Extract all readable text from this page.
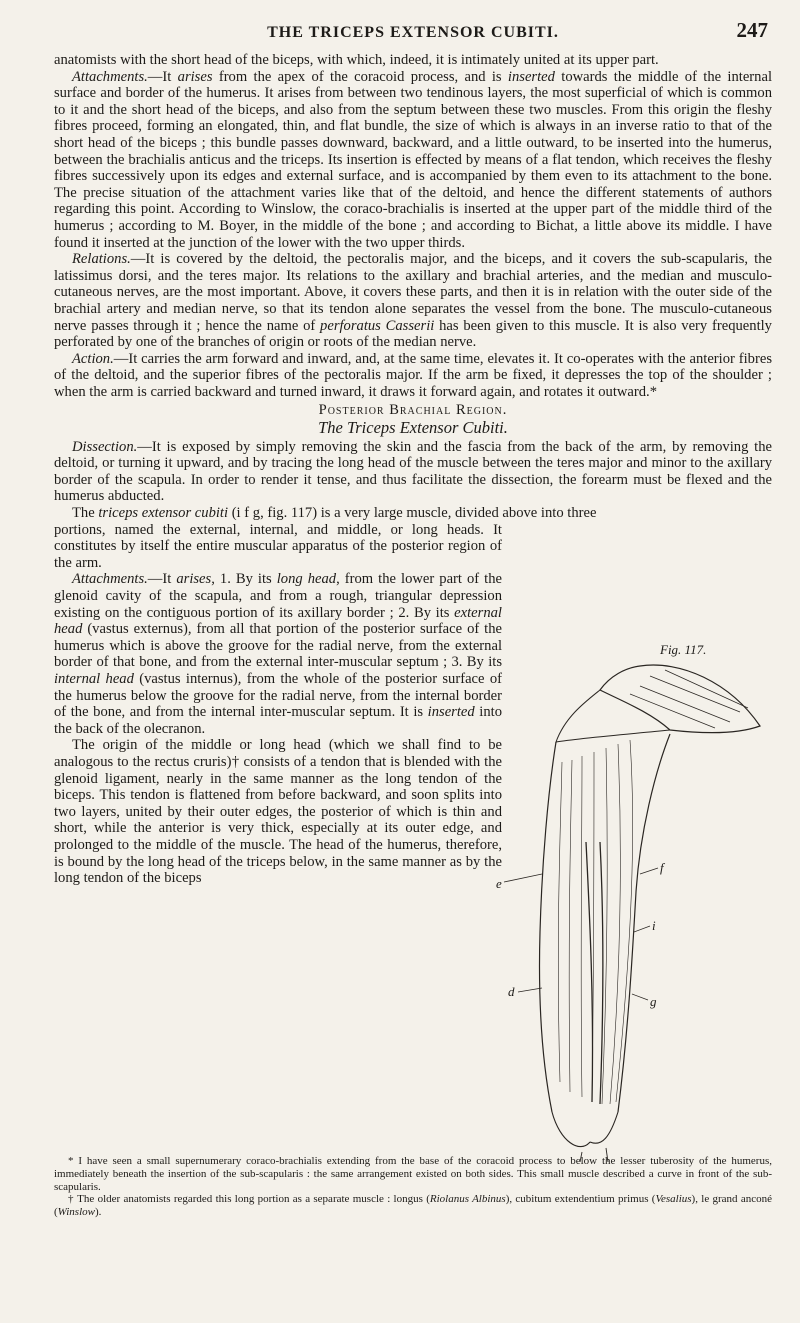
THE TRICEPS EXTENSOR CUBITI.	247

anatomists with the short head of the biceps, with which, indeed, it is intimately united at its upper part.

Attachments.—It arises from the apex of the coracoid process, and is inserted towards the middle of the internal surface and border of the humerus. It arises from between two tendinous layers, the most superficial of which is common to it and the short head of the biceps, and also from the septum between these two muscles. From this origin the fleshy fibres proceed, forming an elongated, thin, and flat bundle, the size of which is always in an inverse ratio to that of the short head of the biceps ; this bundle passes downward, backward, and a little outward, to be inserted into the humerus, between the brachialis anticus and the triceps. Its insertion is effected by means of a flat tendon, which receives the fleshy fibres successively upon its edges and external surface, and is accompanied by them even to its attachment to the bone. The precise situation of the attachment varies like that of the deltoid, and hence the different statements of authors regarding this point. According to Winslow, the coraco-brachialis is inserted at the upper part of the middle third of the humerus ; according to M. Boyer, in the middle of the bone ; and according to Bichat, a little above its middle. I have found it inserted at the junction of the lower with the two upper thirds.

Relations.—It is covered by the deltoid, the pectoralis major, and the biceps, and it covers the sub-scapularis, the latissimus dorsi, and the teres major. Its relations to the axillary and brachial arteries, and the median and musculo-cutaneous nerves, are the most important. Above, it covers these parts, and then it is in relation with the outer side of the brachial artery and median nerve, so that its tendon alone separates the vessel from the bone. The musculo-cutaneous nerve passes through it ; hence the name of perforatus Casserii has been given to this muscle. It is also very frequently perforated by one of the branches of origin or roots of the median nerve.

Action.—It carries the arm forward and inward, and, at the same time, elevates it. It co-operates with the anterior fibres of the deltoid, and the superior fibres of the pectoralis major. If the arm be fixed, it depresses the top of the shoulder ; when the arm is carried backward and turned inward, it draws it forward again, and rotates it outward.*

Posterior Brachial Region.
The Triceps Extensor Cubiti.

Dissection.—It is exposed by simply removing the skin and the fascia from the back of the arm, by removing the deltoid, or turning it upward, and by tracing the long head of the muscle between the teres major and minor to the axillary border of the scapula. In order to render it tense, and thus facilitate the dissection, the forearm must be flexed and the humerus abducted.

The triceps extensor cubiti (i f g, fig. 117) is a very large muscle, divided above into three

portions, named the external, internal, and middle, or long heads. It constitutes by itself the entire muscular apparatus of the posterior region of the arm.

Attachments.—It arises, 1. By its long head, from the lower part of the glenoid cavity of the scapula, and from a rough, triangular depression existing on the contiguous portion of its axillary border ; 2. By its external head (vastus externus), from all that portion of the posterior surface of the humerus which is above the groove for the radial nerve, from the external border of that bone, and from the external inter-muscular septum ; 3. By its internal head (vastus internus), from the whole of the posterior surface of the humerus below the groove for the radial nerve, from the internal border of the bone, and from the internal inter-muscular septum. It is inserted into the back of the olecranon.

The origin of the middle or long head (which we shall find to be analogous to the rectus cruris)† consists of a tendon that is blended with the glenoid ligament, nearly in the same manner as the long tendon of the biceps. This tendon is flattened from before backward, and soon splits into two layers, united by their outer edges, the posterior of which is thin and short, while the anterior is very thick, especially at its outer edge, and prolonged to the middle of the muscle. The head of the humerus, therefore, is bound by the long head of the triceps below, in the same manner as by the long tendon of the biceps

Fig. 117.
e
f
i
d
g

* I have seen a small supernumerary coraco-brachialis extending from the base of the coracoid process to below the lesser tuberosity of the humerus, immediately beneath the insertion of the sub-scapularis : the same arrangement existed on both sides. This small muscle described a curve in front of the sub-scapularis.

† The older anatomists regarded this long portion as a separate muscle : longus (Riolanus Albinus), cubitum extendentium primus (Vesalius), le grand anconé (Winslow).
